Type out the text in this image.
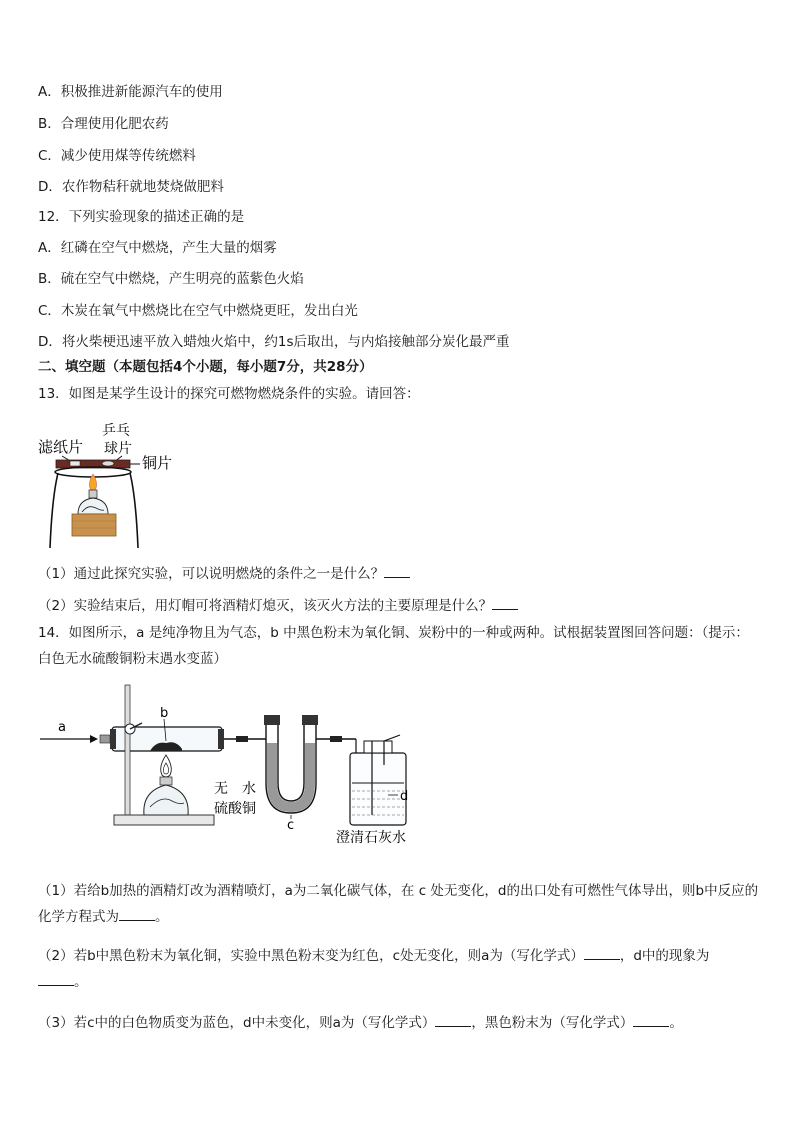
A．积极推进新能源汽车的使用
B．合理使用化肥农药
C．减少使用煤等传统燃料
D．农作物秸秆就地焚烧做肥料
12．下列实验现象的描述正确的是
A．红磷在空气中燃烧，产生大量的烟雾
B．硫在空气中燃烧，产生明亮的蓝紫色火焰
C．木炭在氧气中燃烧比在空气中燃烧更旺，发出白光
D．将火柴梗迅速平放入蜡烛火焰中，约1s后取出，与内焰接触部分炭化最严重
二、填空题（本题包括4个小题，每小题7分，共28分）
13．如图是某学生设计的探究可燃物燃烧条件的实验。请回答：
滤纸片
乒乓
球片
铜片
（1）通过此探究实验，可以说明燃烧的条件之一是什么？
（2）实验结束后，用灯帽可将酒精灯熄灭，该灭火方法的主要原理是什么？
14．如图所示，a 是纯净物且为气态，b 中黑色粉末为氧化铜、炭粉中的一种或两种。试根据装置图回答问题：（提示：白色无水硫酸铜粉末遇水变蓝）
a
b
d
无　水
硫酸铜
c
澄清石灰水
（1）若给b加热的酒精灯改为酒精喷灯，a为二氧化碳气体，在 c 处无变化，d的出口处有可燃性气体导出，则b中反应的化学方程式为	。
（2）若b中黑色粉末为氧化铜，实验中黑色粉末变为红色，c处无变化，则a为（写化学式）	，d中的现象为
。
（3）若c中的白色物质变为蓝色，d中未变化，则a为（写化学式）	，黑色粉末为（写化学式）	。
